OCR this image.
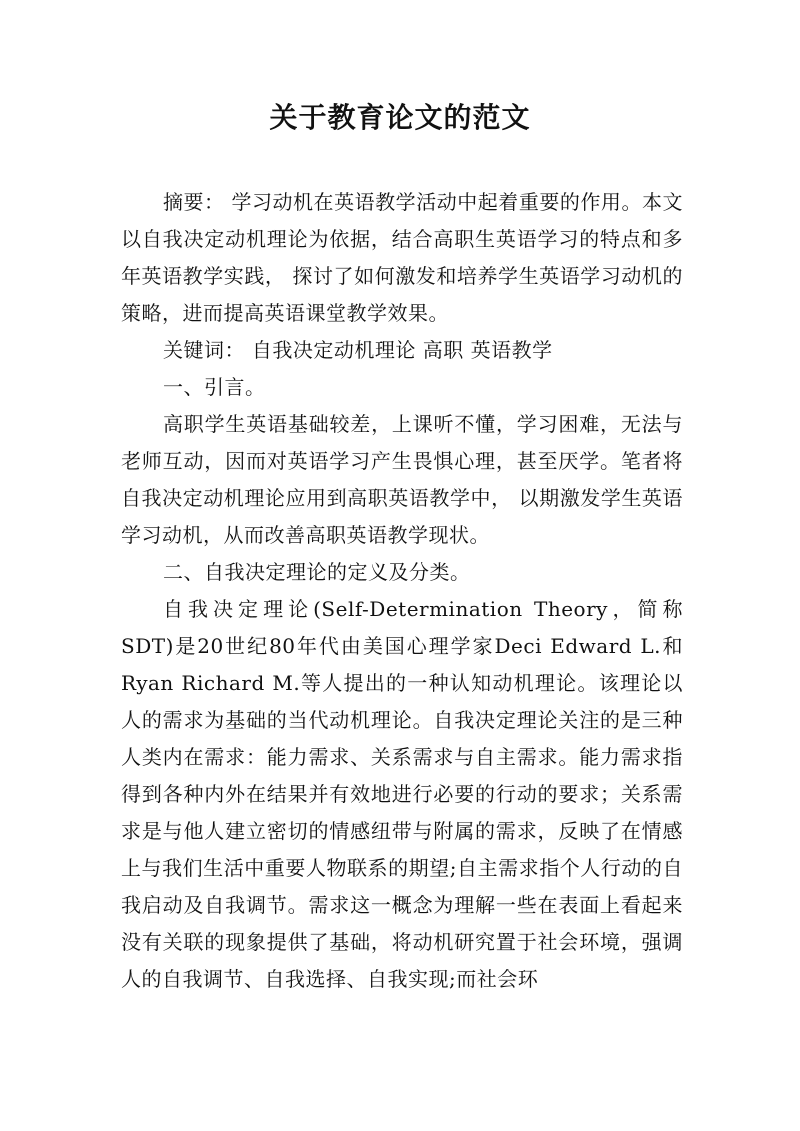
关于教育论文的范文

摘要： 学习动机在英语教学活动中起着重要的作用。本文以自我决定动机理论为依据，结合高职生英语学习的特点和多年英语教学实践， 探讨了如何激发和培养学生英语学习动机的策略，进而提高英语课堂教学效果。

关键词： 自我决定动机理论 高职 英语教学

一、引言。

高职学生英语基础较差，上课听不懂，学习困难，无法与老师互动，因而对英语学习产生畏惧心理，甚至厌学。笔者将自我决定动机理论应用到高职英语教学中， 以期激发学生英语学习动机，从而改善高职英语教学现状。

二、自我决定理论的定义及分类。

自我决定理论(Self-Determination Theory，简称SDT)是20世纪80年代由美国心理学家Deci Edward L.和Ryan Richard M.等人提出的一种认知动机理论。该理论以人的需求为基础的当代动机理论。自我决定理论关注的是三种人类内在需求：能力需求、关系需求与自主需求。能力需求指得到各种内外在结果并有效地进行必要的行动的要求；关系需求是与他人建立密切的情感纽带与附属的需求，反映了在情感上与我们生活中重要人物联系的期望;自主需求指个人行动的自我启动及自我调节。需求这一概念为理解一些在表面上看起来没有关联的现象提供了基础，将动机研究置于社会环境，强调人的自我调节、自我选择、自我实现;而社会环
